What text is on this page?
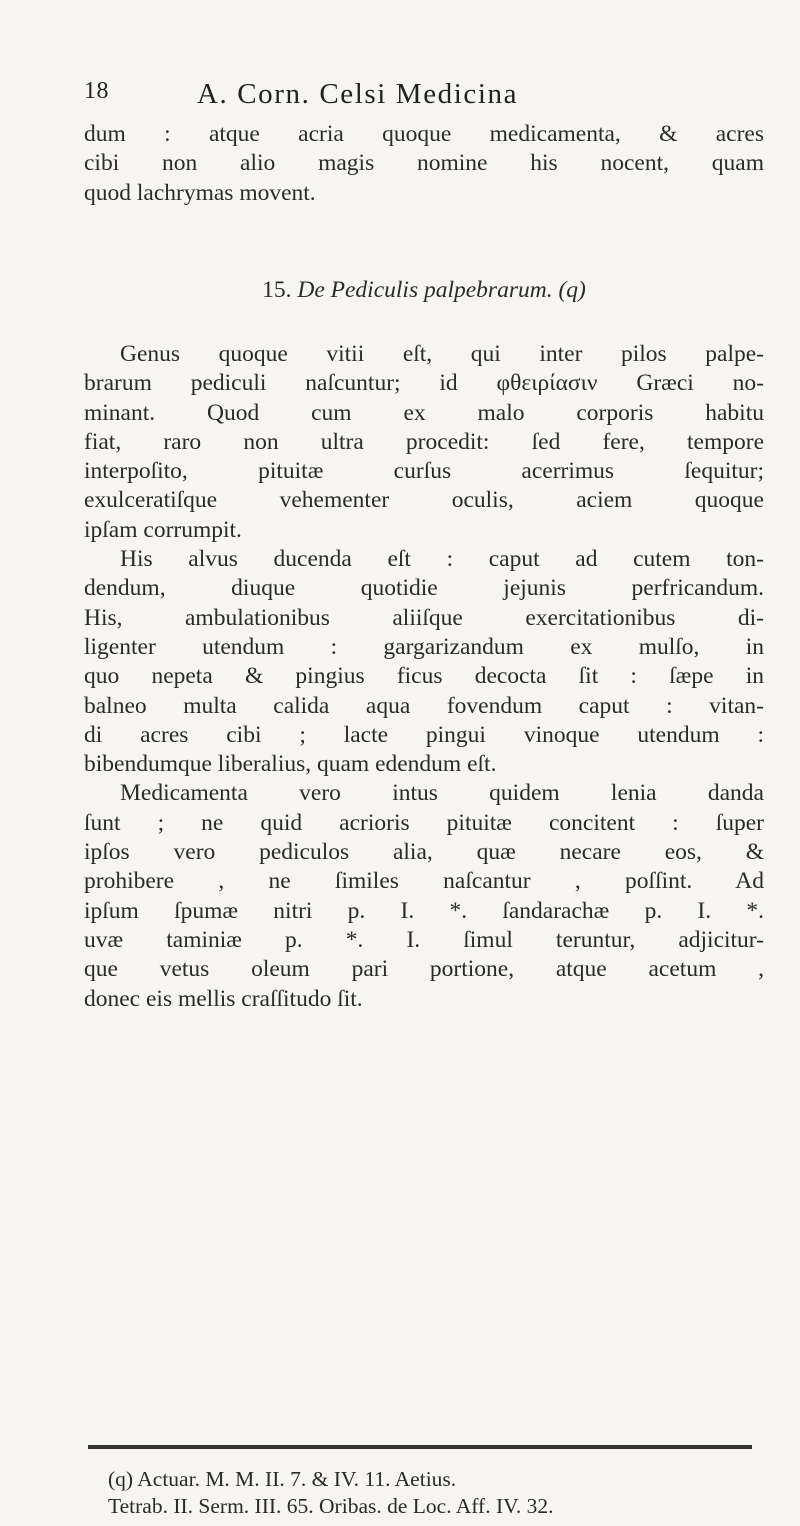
18	A. Corn. Celsi Medicina
dum : atque acria quoque medicamenta, & acres
cibi non alio magis nomine his nocent, quam
quod lachrymas movent.
15. De Pediculis palpebrarum. (q)
Genus quoque vitii eſt, qui inter pilos palpe-
brarum pediculi naſcuntur; id φθειρίασιν Græci no-
minant. Quod cum ex malo corporis habitu
fiat, raro non ultra procedit: ſed fere, tempore
interpoſito, pituitæ curſus acerrimus ſequitur;
exulceratiſque vehementer oculis, aciem quoque
ipſam corrumpit.
His alvus ducenda eſt : caput ad cutem ton-
dendum, diuque quotidie jejunis perfricandum.
His, ambulationibus aliiſque exercitationibus di-
ligenter utendum : gargarizandum ex mulſo, in
quo nepeta & pingius ficus decocta ſit : ſæpe in
balneo multa calida aqua fovendum caput : vitan-
di acres cibi ; lacte pingui vinoque utendum :
bibendumque liberalius, quam edendum eſt.
Medicamenta vero intus quidem lenia danda
ſunt ; ne quid acrioris pituitæ concitent : ſuper
ipſos vero pediculos alia, quæ necare eos, &
prohibere , ne ſimiles naſcantur , poſſint. Ad
ipſum ſpumæ nitri p. I. *. ſandarachæ p. I. *.
uvæ taminiæ p. *. I. ſimul teruntur, adjicitur-
que vetus oleum pari portione, atque acetum ,
donec eis mellis craſſitudo ſit.
(q) Actuar. M. M. II. 7. & IV. 11. Aetius.
Tetrab. II. Serm. III. 65. Oribas. de Loc. Aff. IV. 32.
